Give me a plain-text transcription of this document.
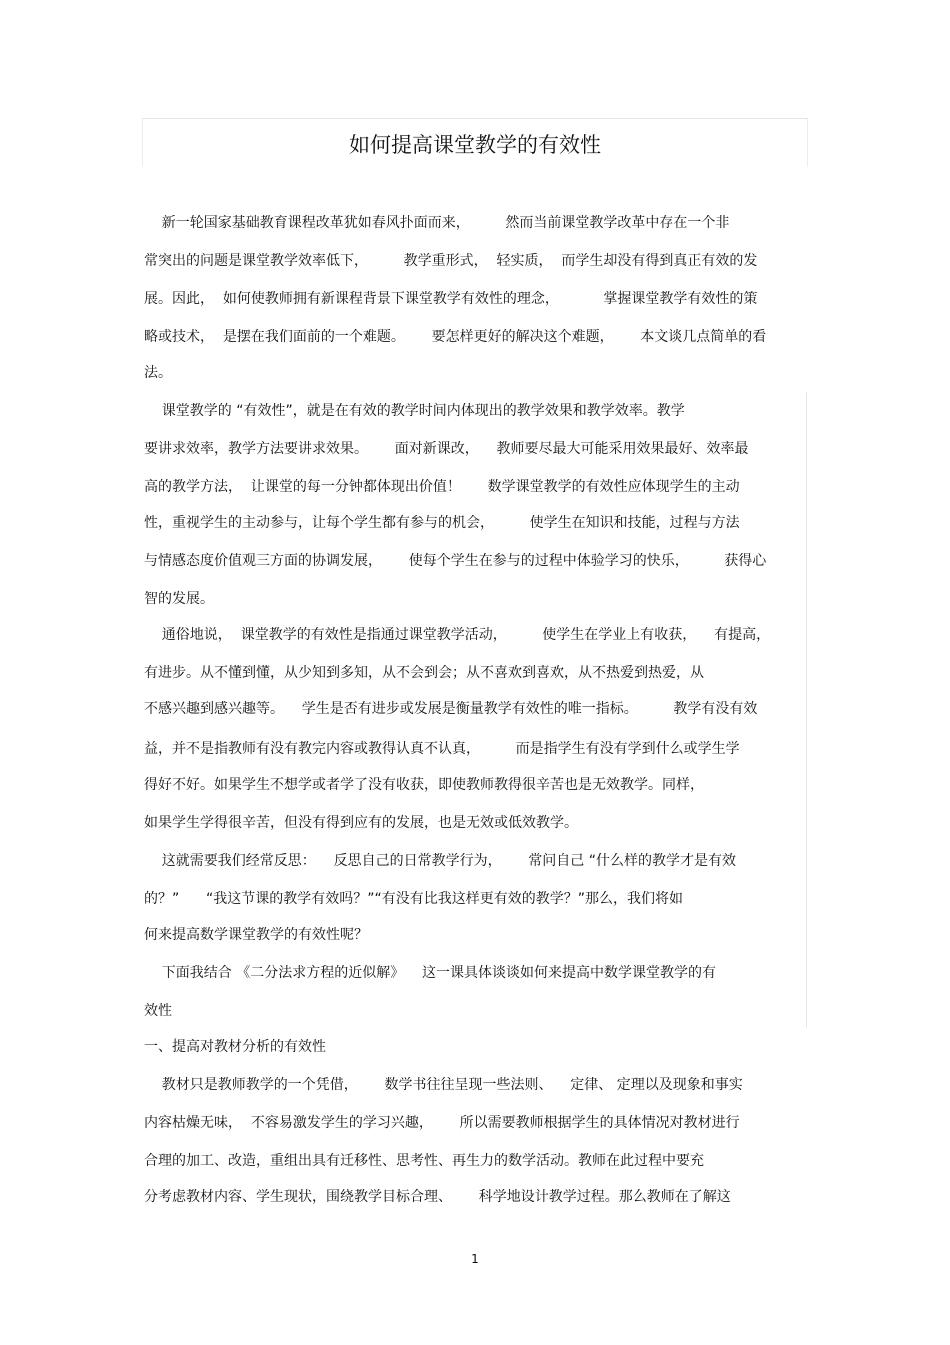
如何提高课堂教学的有效性
新一轮国家基础教育课程改革犹如春风扑面而来，        然而当前课堂教学改革中存在一个非
常突出的问题是课堂教学效率低下，        教学重形式，  轻实质，  而学生却没有得到真正有效的发
展。因此，  如何使教师拥有新课程背景下课堂教学有效性的理念，          掌握课堂教学有效性的策
略或技术，  是摆在我们面前的一个难题。      要怎样更好的解决这个难题，      本文谈几点简单的看
法。
课堂教学的 “有效性”，就是在有效的教学时间内体现出的教学效果和教学效率。教学
要讲求效率，教学方法要讲求效果。      面对新课改，    教师要尽最大可能采用效果最好、效率最
高的教学方法，  让课堂的每一分钟都体现出价值！      数学课堂教学的有效性应体现学生的主动
性，重视学生的主动参与，让每个学生都有参与的机会，        使学生在知识和技能，过程与方法
与情感态度价值观三方面的协调发展，      使每个学生在参与的过程中体验学习的快乐，        获得心
智的发展。
通俗地说，  课堂教学的有效性是指通过课堂教学活动，        使学生在学业上有收获，    有提高，
有进步。从不懂到懂，从少知到多知，从不会到会；从不喜欢到喜欢，从不热爱到热爱，从
不感兴趣到感兴趣等。    学生是否有进步或发展是衡量教学有效性的唯一指标。        教学有没有效
益，并不是指教师有没有教完内容或教得认真不认真，        而是指学生有没有学到什么或学生学
得好不好。如果学生不想学或者学了没有收获，即使教师教得很辛苦也是无效教学。同样，
如果学生学得很辛苦，但没有得到应有的发展，也是无效或低效教学。
这就需要我们经常反思：    反思自己的日常教学行为，      常问自己 “什么样的教学才是有效
的？”      “我这节课的教学有效吗？”“有没有比我这样更有效的教学？”那么，我们将如
何来提高数学课堂教学的有效性呢？
下面我结合 《二分法求方程的近似解》    这一课具体谈谈如何来提高中数学课堂教学的有
效性
一、提高对教材分析的有效性
教材只是教师教学的一个凭借，      数学书往往呈现一些法则、    定律、 定理以及现象和事实
内容枯燥无味，  不容易激发学生的学习兴趣，      所以需要教师根据学生的具体情况对教材进行
合理的加工、改造，重组出具有迁移性、思考性、再生力的数学活动。教师在此过程中要充
分考虑教材内容、学生现状，围绕教学目标合理、      科学地设计教学过程。那么教师在了解这
1
